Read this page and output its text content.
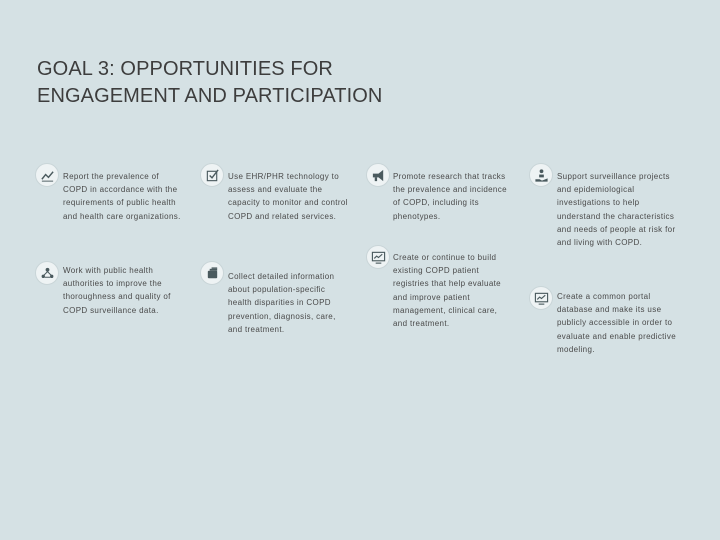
GOAL 3: OPPORTUNITIES FOR
ENGAGEMENT AND PARTICIPATION
Report the prevalence of COPD in accordance with the requirements of public health and health care organizations.
Work with public health authorities to improve the thoroughness and quality of COPD surveillance data.
Use EHR/PHR technology to assess and evaluate the capacity to monitor and control COPD and related services.
Collect detailed information about population-specific health disparities in COPD prevention, diagnosis, care, and treatment.
Promote research that tracks the prevalence and incidence of COPD, including its phenotypes.
Create or continue to build existing COPD patient registries that help evaluate and improve patient management, clinical care, and treatment.
Support surveillance projects and epidemiological investigations to help understand the characteristics and needs of people at risk for and living with COPD.
Create a common portal database and make its use publicly accessible in order to evaluate and enable predictive modeling.
